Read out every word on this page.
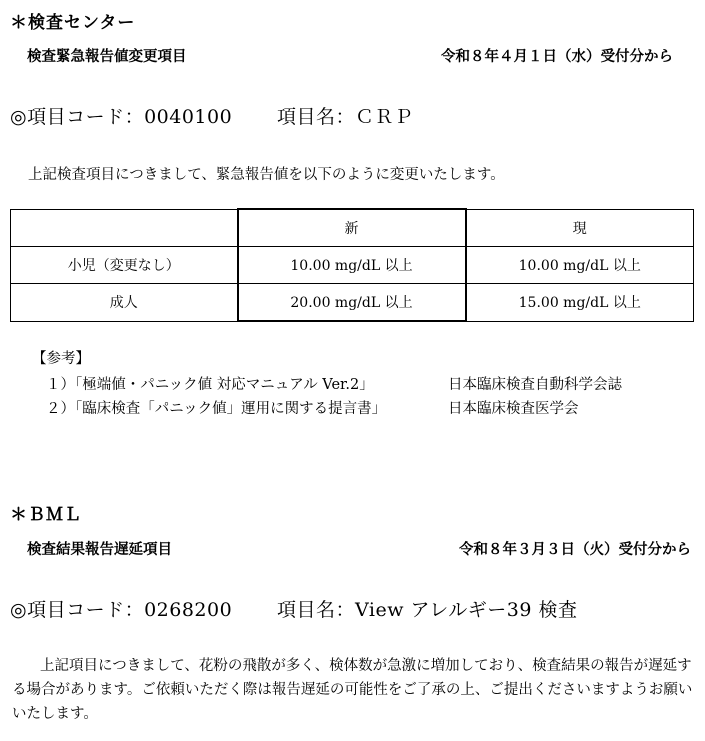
＊検査センター
検査緊急報告値変更項目	令和８年４月１日（水）受付分から
◎項目コード：0040100 項目名：ＣＲＰ
上記検査項目につきまして、緊急報告値を以下のように変更いたします。
	新	現
小児（変更なし）	10.00 mg/dL 以上	10.00 mg/dL 以上
成人	20.00 mg/dL 以上	15.00 mg/dL 以上
【参考】
１）「極端値・パニック値 対応マニュアル Ver.2」	日本臨床検査自動科学会誌
２）「臨床検査「パニック値」運用に関する提言書」	日本臨床検査医学会
＊ＢＭＬ
検査結果報告遅延項目	令和８年３月３日（火）受付分から
◎項目コード：0268200 項目名：View アレルギー39 検査
上記項目につきまして、花粉の飛散が多く、検体数が急激に増加しており、検査結果の報告が遅延する場合があります。ご依頼いただく際は報告遅延の可能性をご了承の上、ご提出くださいますようお願いいたします。
